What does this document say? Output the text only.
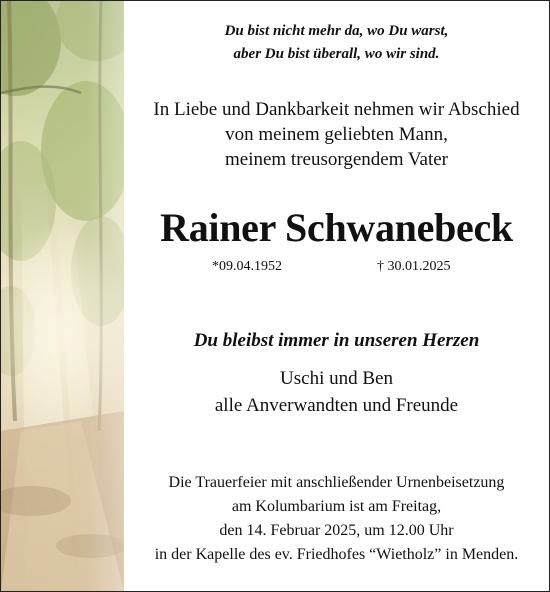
Du bist nicht mehr da, wo Du warst,
aber Du bist überall, wo wir sind.
In Liebe und Dankbarkeit nehmen wir Abschied
von meinem geliebten Mann,
meinem treusorgendem Vater
Rainer Schwanebeck
*09.04.1952	† 30.01.2025
Du bleibst immer in unseren Herzen
Uschi und Ben
alle Anverwandten und Freunde
Die Trauerfeier mit anschließender Urnenbeisetzung
am Kolumbarium ist am Freitag,
den 14. Februar 2025, um 12.00 Uhr
in der Kapelle des ev. Friedhofes “Wietholz” in Menden.
